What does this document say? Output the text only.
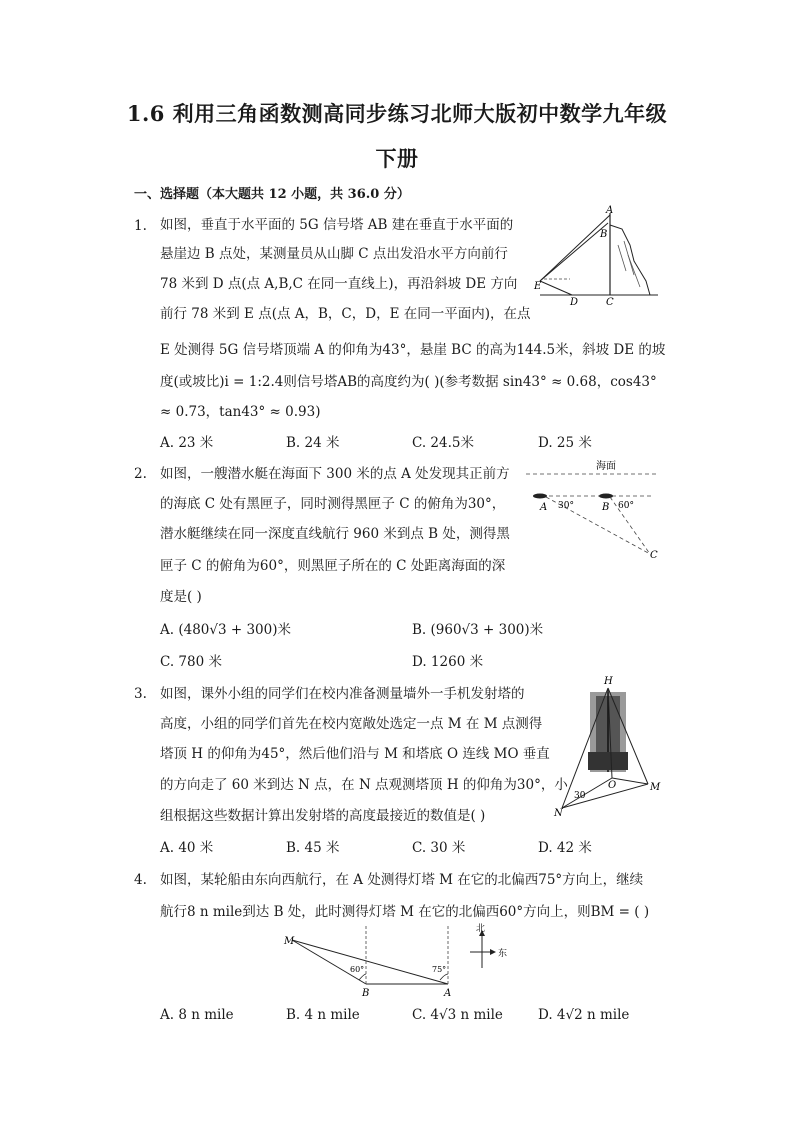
1.6 利用三角函数测高同步练习北师大版初中数学九年级
下册
一、选择题（本大题共 12 小题，共 36.0 分）
1. 如图，垂直于水平面的 5G 信号塔 AB 建在垂直于水平面的
悬崖边 B 点处，某测量员从山脚 C 点出发沿水平方向前行
78 米到 D 点(点 A,B,C 在同一直线上)，再沿斜坡 DE 方向
前行 78 米到 E 点(点 A，B，C，D，E 在同一平面内)，在点
E 处测得 5G 信号塔顶端 A 的仰角为43°，悬崖 BC 的高为144.5米，斜坡 DE 的坡
度(或坡比)i = 1:2.4则信号塔AB的高度约为( )(参考数据 sin43° ≈ 0.68，cos43°
≈ 0.73，tan43° ≈ 0.93)
A. 23 米	B. 24 米	C. 24.5米	D. 25 米
A
B
E
D	C
2. 如图，一艘潜水艇在海面下 300 米的点 A 处发现其正前方
的海底 C 处有黑匣子，同时测得黑匣子 C 的俯角为30°，
潜水艇继续在同一深度直线航行 960 米到点 B 处，测得黑
匣子 C 的俯角为60°，则黑匣子所在的 C 处距离海面的深
度是( )
A. (480√3 + 300)米	B. (960√3 + 300)米
C. 780 米	D. 1260 米
海面
A	B
C
30°	60°
3. 如图，课外小组的同学们在校内准备测量墙外一手机发射塔的
高度，小组的同学们首先在校内宽敞处选定一点 M 在 M 点测得
塔顶 H 的仰角为45°，然后他们沿与 M 和塔底 O 连线 MO 垂直
的方向走了 60 米到达 N 点，在 N 点观测塔顶 H 的仰角为30°，小
组根据这些数据计算出发射塔的高度最接近的数值是( )
A. 40 米	B. 45 米	C. 30 米	D. 42 米
H
N
O	M
30
4. 如图，某轮船由东向西航行，在 A 处测得灯塔 M 在它的北偏西75°方向上，继续
航行8 n mile到达 B 处，此时测得灯塔 M 在它的北偏西60°方向上，则BM = ( )
M
B	A
60°	75°
北
东
A. 8 n mile	B. 4 n mile	C. 4√3 n mile	D. 4√2 n mile
